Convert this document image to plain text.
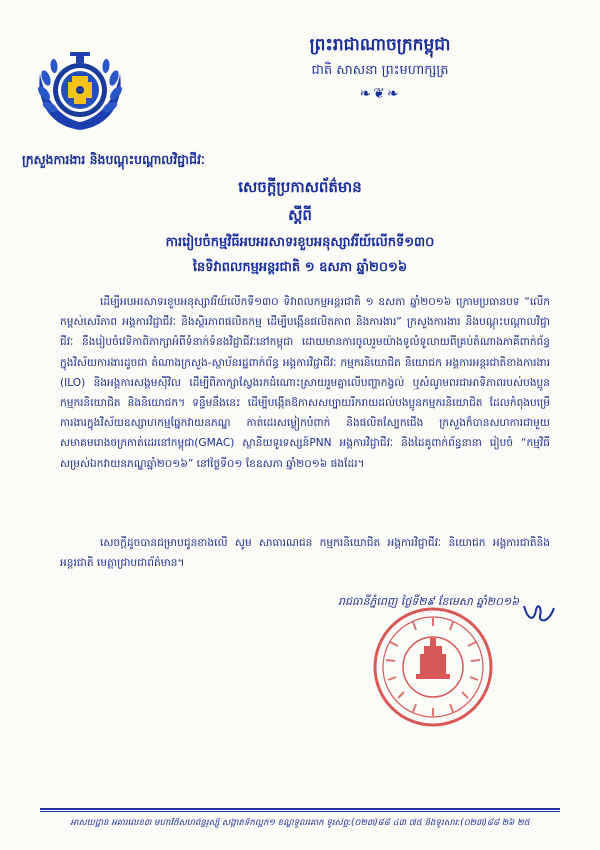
ព្រះរាជាណាចក្រកម្ពុជា
ជាតិ សាសនា ព្រះមហាក្សត្រ
❧❦❧
ក្រសួងការងារ និងបណ្តុះបណ្តាលវិជ្ជាជីវៈ
សេចក្តីប្រកាសព័ត៌មាន
ស្តីពី
ការរៀបចំកម្មវិធីអបអរសាទរខួបអនុស្សាវរីយ៍លើកទី១៣០
នៃទិវាពលកម្មអន្តរជាតិ ១ ឧសភា ឆ្នាំ២០១៦
ដើម្បីអបអរសាទរខួបអនុស្សាវរីយ៍លើកទី១៣០ ទិវាពលកម្មអន្តរជាតិ ១ ឧសភា ឆ្នាំ២០១៦ ក្រោមប្រធានបទ “លើកកម្ពស់សេរីភាព អង្គការវិជ្ជាជីវៈ និងស្ថិរភាពផលិតកម្ម ដើម្បីបង្កើនផលិតភាព និងការងារ” ក្រសួងការងារ និងបណ្តុះបណ្តាលវិជ្ជាជីវៈ នឹងរៀបចំវេទិកាពិភាក្សាអំពីទំនាក់ទំនងវិជ្ជាជីវៈនៅកម្ពុជា ដោយមានការចូលរួមយ៉ាងទូលំទូលាយពីគ្រប់តំណាងភាគីពាក់ព័ន្ធក្នុងវិស័យការងារដូចជា តំណាងក្រសួង-ស្ថាប័នរដ្ឋពាក់ព័ន្ធ អង្គការវិជ្ជាជីវៈ កម្មករនិយោជិត និយោជក អង្គការអន្តរជាតិខាងការងារ (ILO) និងអង្គការសង្គមស៊ីវិល ដើម្បីពិភាក្សាស្វែងរកដំណោះស្រាយរួមគ្នាលើបញ្ហាកង្វល់ ឬសំណូមពរជាអាទិភាពរបស់បងប្អូនកម្មករនិយោជិត និងនិយោជក។ ទន្ទឹមនឹងនេះ ដើម្បីបង្កើតឱកាសសប្បាយរីករាយដល់បងប្អូនកម្មករនិយោជិត ដែលកំពុងបម្រើការងារក្នុងវិស័យឧស្សាហកម្មផ្នែកវាយនភណ្ឌ កាត់ដេរសម្លៀកបំពាក់ និងផលិតស្បែកជើង ក្រសួងក៏បានសហការជាមួយសមាគមរោងចក្រកាត់ដេរនៅកម្ពុជា(GMAC) ស្ថានីយទូរទស្សន៍PNN អង្គការវិជ្ជាជីវៈ និងដៃគូពាក់ព័ន្ធនានា រៀបចំ “កម្មវិធីសម្រស់ឯកវាយនភណ្ឌឆ្នាំ២០១៦” នៅថ្ងៃទី០១ ខែឧសភា ឆ្នាំ២០១៦ ផងដែរ។
សេចក្តីដូចបានជម្រាបជូនខាងលើ សូម សាធារណជន កម្មករនិយោជិត អង្គការវិជ្ជាជីវៈ និយោជក អង្គការជាតិនិងអន្តរជាតិ មេត្តាជ្រាបជាព័ត៌មាន។
រាជធានីភ្នំពេញ ថ្ងៃទី២៩ ខែមេសា ឆ្នាំ២០១៦
អាសយដ្ឋាន អគារលេខ៣ មហាវិថីសហព័ន្ធរុស្ស៊ី សង្កាត់ទឹកល្អក់១ ខណ្ឌទួលគោក ទូរស័ព្ទ:(០២៣)៨៨ ៤៣ ៧៥ និងទូរសារ:(០២៣)៨៨ ២៦ ២៥
